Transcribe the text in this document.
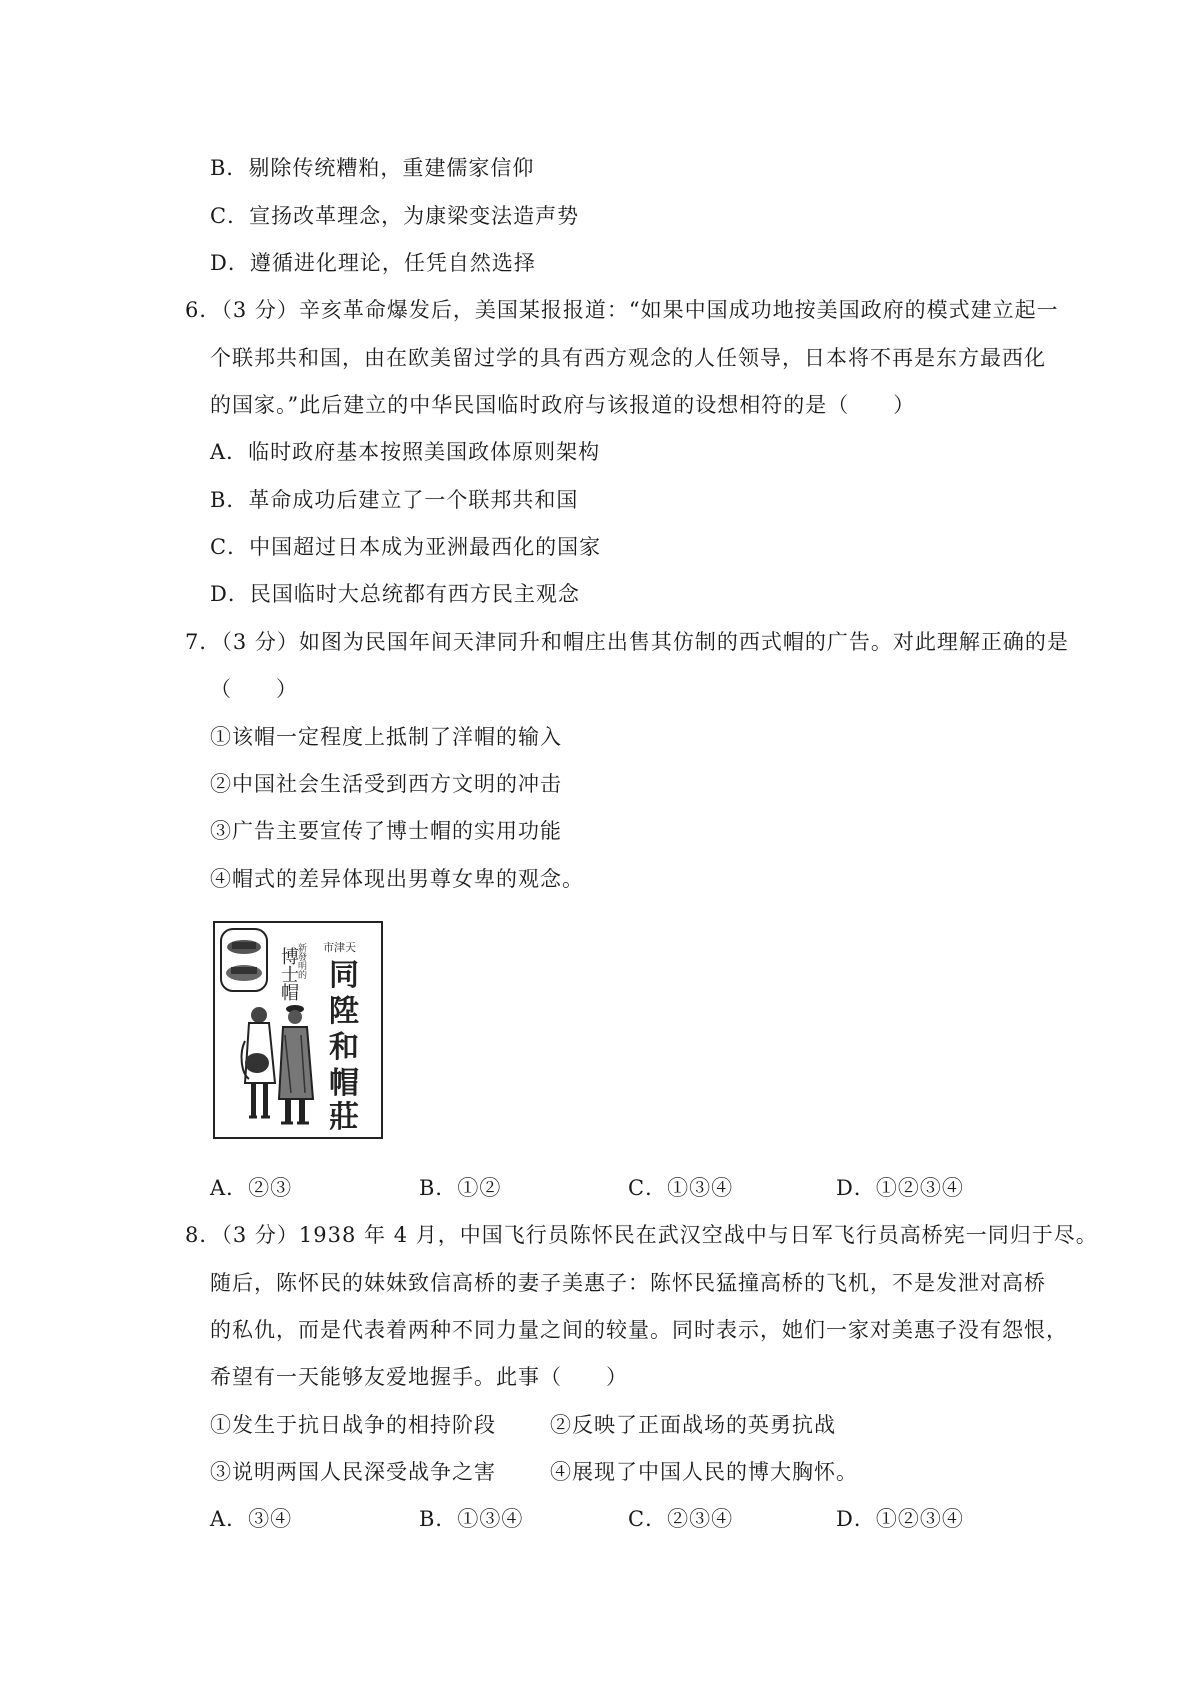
B．剔除传统糟粕，重建儒家信仰
C．宣扬改革理念，为康梁变法造声势
D．遵循进化理论，任凭自然选择
6．（3 分）辛亥革命爆发后，美国某报报道：“如果中国成功地按美国政府的模式建立起一
个联邦共和国，由在欧美留过学的具有西方观念的人任领导，日本将不再是东方最西化
的国家。”此后建立的中华民国临时政府与该报道的设想相符的是（　　）
A．临时政府基本按照美国政体原则架构
B．革命成功后建立了一个联邦共和国
C．中国超过日本成为亚洲最西化的国家
D．民国临时大总统都有西方民主观念
7．（3 分）如图为民国年间天津同升和帽庄出售其仿制的西式帽的广告。对此理解正确的是
（　　）
①该帽一定程度上抵制了洋帽的输入
②中国社会生活受到西方文明的冲击
③广告主要宣传了博士帽的实用功能
④帽式的差异体现出男尊女卑的观念。
博
士
帽
新發明的 市津天
同
陞
和
帽
莊
A．②③	B．①②	C．①③④	D．①②③④
8．（3 分）1938 年 4 月，中国飞行员陈怀民在武汉空战中与日军飞行员高桥宪一同归于尽。
随后，陈怀民的妹妹致信高桥的妻子美惠子：陈怀民猛撞高桥的飞机，不是发泄对高桥
的私仇，而是代表着两种不同力量之间的较量。同时表示，她们一家对美惠子没有怨恨，
希望有一天能够友爱地握手。此事（　　）
①发生于抗日战争的相持阶段	②反映了正面战场的英勇抗战
③说明两国人民深受战争之害	④展现了中国人民的博大胸怀。
A．③④	B．①③④	C．②③④	D．①②③④
